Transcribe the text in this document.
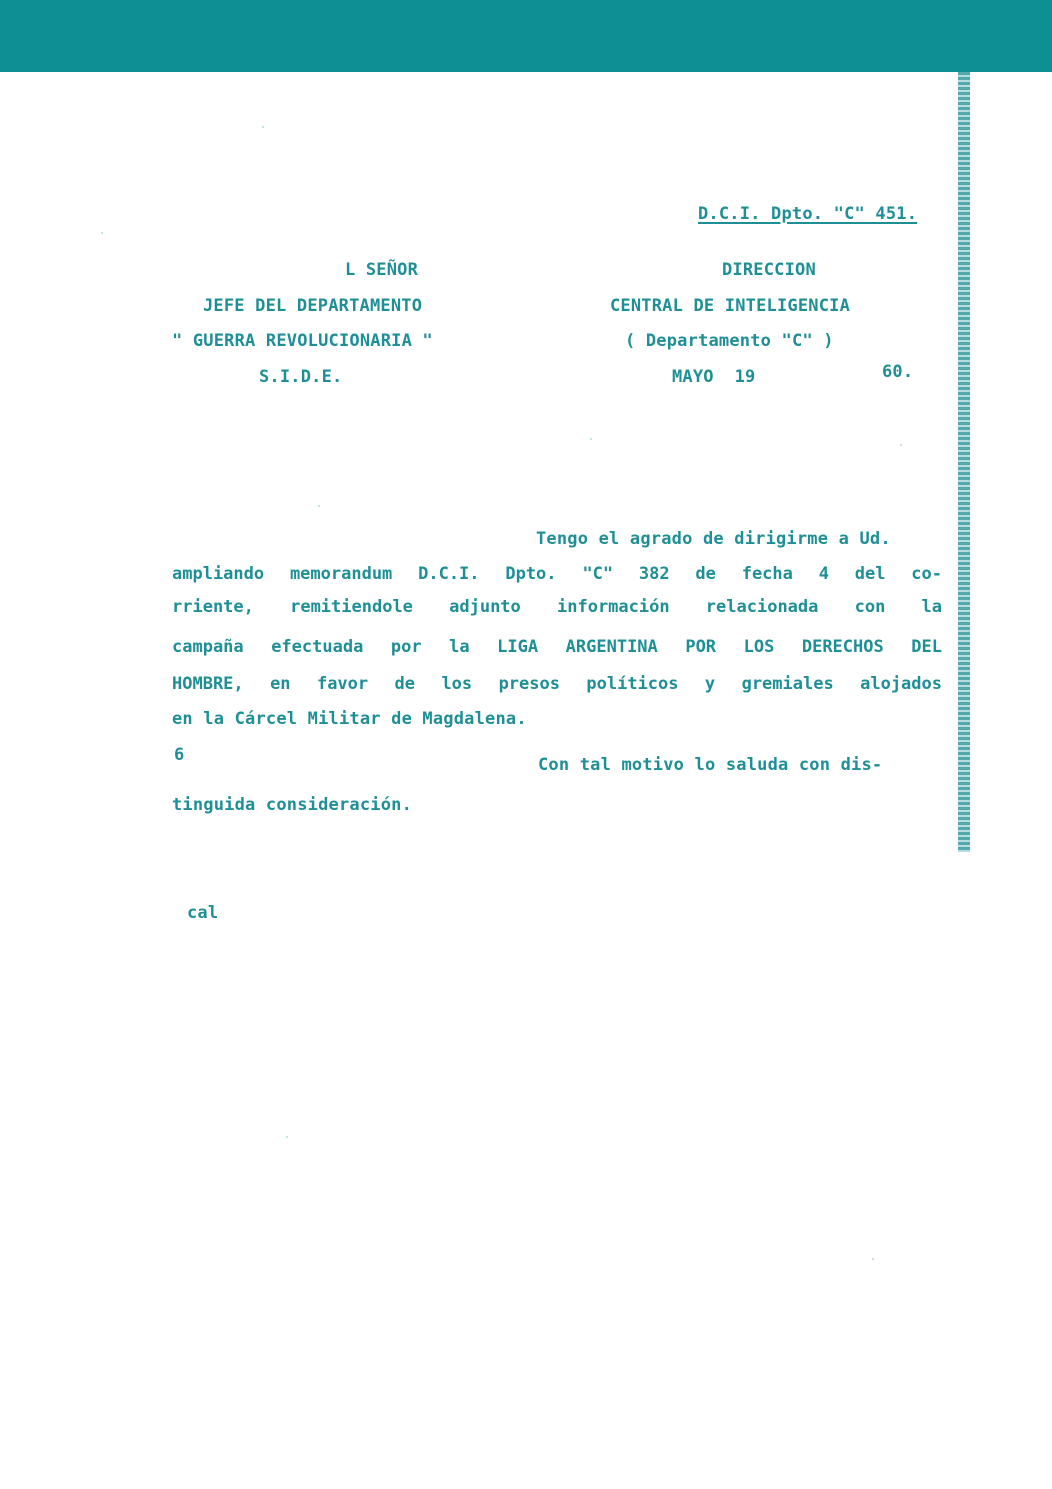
D.C.I. Dpto. "C" 451.
L SEÑOR
JEFE DEL DEPARTAMENTO
" GUERRA REVOLUCIONARIA "
S.I.D.E.
DIRECCION
CENTRAL DE INTELIGENCIA
( Departamento "C" )
MAYO  19	60.
Tengo el agrado de dirigirme a Ud.
ampliando memorandum D.C.I. Dpto. "C" 382 de fecha 4 del co-
rriente, remitiendole adjunto información relacionada con la
campaña efectuada por la LIGA ARGENTINA POR LOS DERECHOS DEL
HOMBRE, en favor de los presos políticos y gremiales alojados
en la Cárcel Militar de Magdalena.
6	Con tal motivo lo saluda con dis-
tinguida consideración.
cal
